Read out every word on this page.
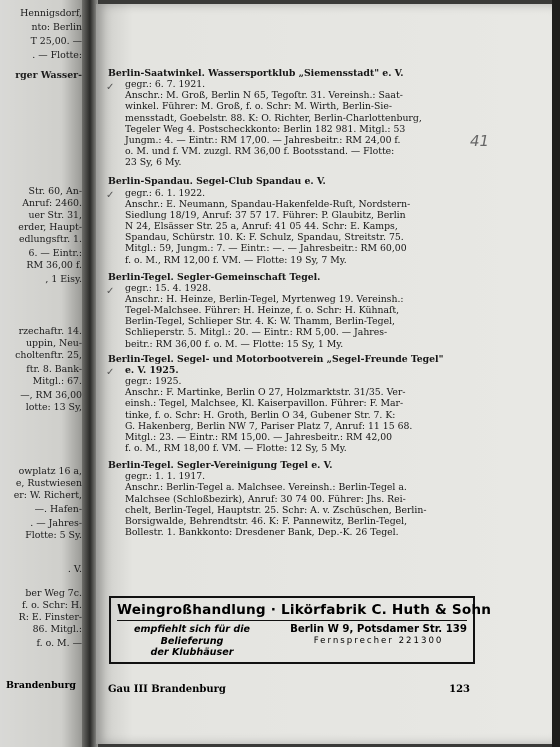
Hennigsdorf,
nto: Berlin
T 25,00. —
. — Flotte:
rger Wasser-
Str. 60, An-
Anruf: 2460.
uer Str. 31,
erder, Haupt-
edlungsftr. 1.
6. — Eintr.:
RM 36,00 f.
, 1 Eisy.
rzechaftr. 14.
uppin, Neu-
choltenftr. 25,
ftr. 8. Bank-
Mitgl.: 67.
—, RM 36,00
lotte: 13 Sy,
owplatz 16 a,
e, Rustwiesen
er: W. Richert,
—. Hafen-
. — Jahres-
Flotte: 5 Sy.
. V.
ber Weg 7c.
f. o. Schr: H.
R: E. Finster-
86. Mitgl.:
f. o. M. —
Brandenburg
Berlin-Saatwinkel. Wassersportklub „Siemensstadt" e. V.
✓ gegr.: 6. 7. 1921.
Anschr.: M. Groß, Berlin N 65, Tegoſtr. 31. Vereinsh.: Saat-
winkel. Führer: M. Groß, f. o. Schr: M. Wirth, Berlin-Sie-
mensstadt, Goebelstr. 88. K: O. Richter, Berlin-Charlottenburg,
Tegeler Weg 4. Postscheckkonto: Berlin 182 981. Mitgl.: 53
Jungm.: 4. — Eintr.: RM 17,00. — Jahresbeitr.: RM 24,00 f.
o. M. und f. VM. zuzgl. RM 36,00 f. Bootsstand. — Flotte:
23 Sy, 6 My.
Berlin-Spandau. Segel-Club Spandau e. V.
✓ gegr.: 6. 1. 1922.
Anschr.: E. Neumann, Spandau-Hakenfelde-Ruſt, Nordstern-
Siedlung 18/19, Anruf: 37 57 17. Führer: P. Glaubitz, Berlin
N 24, Elsässer Str. 25 a, Anruf: 41 05 44. Schr: E. Kamps,
Spandau, Schürstr. 10. K: F. Schulz, Spandau, Streitstr. 75.
Mitgl.: 59, Jungm.: 7. — Eintr.: —. — Jahresbeitr.: RM 60,00
f. o. M., RM 12,00 f. VM. — Flotte: 19 Sy, 7 My.
Berlin-Tegel. Segler-Gemeinschaft Tegel.
✓ gegr.: 15. 4. 1928.
Anschr.: H. Heinze, Berlin-Tegel, Myrtenweg 19. Vereinsh.:
Tegel-Malchsee. Führer: H. Heinze, f. o. Schr: H. Kühnaſt,
Berlin-Tegel, Schlieper Str. 4. K: W. Thamm, Berlin-Tegel,
Schlieperstr. 5. Mitgl.: 20. — Eintr.: RM 5,00. — Jahres-
beitr.: RM 36,00 f. o. M. — Flotte: 15 Sy, 1 My.
Berlin-Tegel. Segel- und Motorbootverein „Segel-Freunde Tegel"
e. V. 1925.
✓
gegr.: 1925.
Anschr.: F. Martinke, Berlin O 27, Holzmarktstr. 31/35. Ver-
einsh.: Tegel, Malchsee, Kl. Kaiserpavillon. Führer: F. Mar-
tinke, f. o. Schr: H. Groth, Berlin O 34, Gubener Str. 7. K:
G. Hakenberg, Berlin NW 7, Pariser Platz 7, Anruf: 11 15 68.
Mitgl.: 23. — Eintr.: RM 15,00. — Jahresbeitr.: RM 42,00
f. o. M., RM 18,00 f. VM. — Flotte: 12 Sy, 5 My.
Berlin-Tegel. Segler-Vereinigung Tegel e. V.
gegr.: 1. 1. 1917.
Anschr.: Berlin-Tegel a. Malchsee. Vereinsh.: Berlin-Tegel a.
Malchsee (Schloßbezirk), Anruf: 30 74 00. Führer: Jhs. Rei-
chelt, Berlin-Tegel, Hauptstr. 25. Schr: A. v. Zschüschen, Berlin-
Borsigwalde, Behrendtstr. 46. K: F. Pannewitz, Berlin-Tegel,
Bollestr. 1. Bankkonto: Dresdener Bank, Dep.-K. 26 Tegel.
41
Weingroßhandlung · Likörfabrik C. Huth & Sohn
empfiehlt sich für die Belieferung
der Klubhäuser
Berlin W 9, Potsdamer Str. 139
Fernsprecher 221300
Gau III Brandenburg	123
